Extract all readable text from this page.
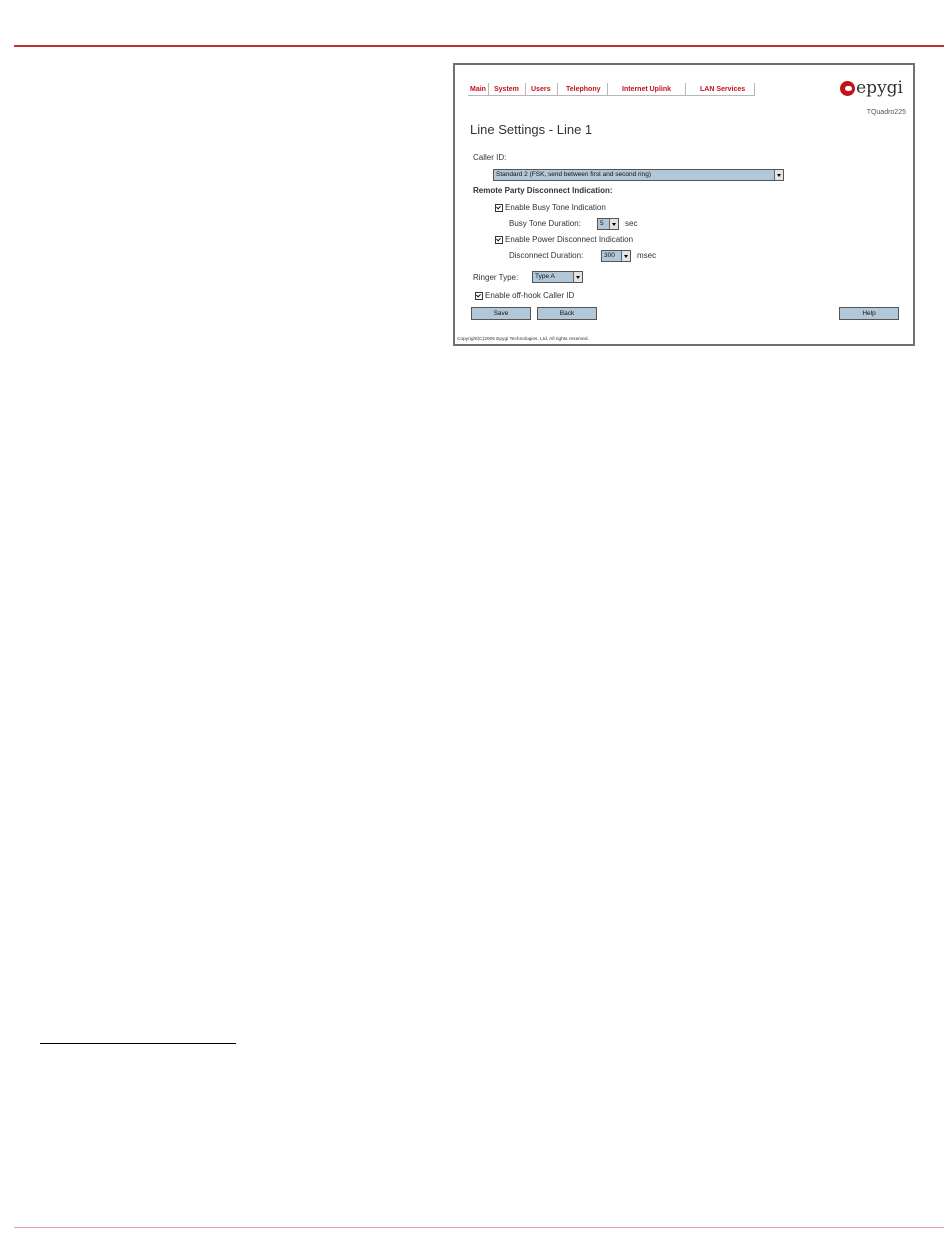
Main	System	Users	Telephony	Internet Uplink	LAN Services	epygi
TQuadro225
Line Settings - Line 1
Caller ID:
Standard 2 (FSK, send between first and second ring)
Remote Party Disconnect Indication:
Enable Busy Tone Indication
Busy Tone Duration:	5	sec
Enable Power Disconnect Indication
Disconnect Duration:	300	msec
Ringer Type:	Type A
Enable off-hook Caller ID
Save	Back	Help
Copyright(C)2005 Epygi Technologies, Ltd. All rights reserved.
